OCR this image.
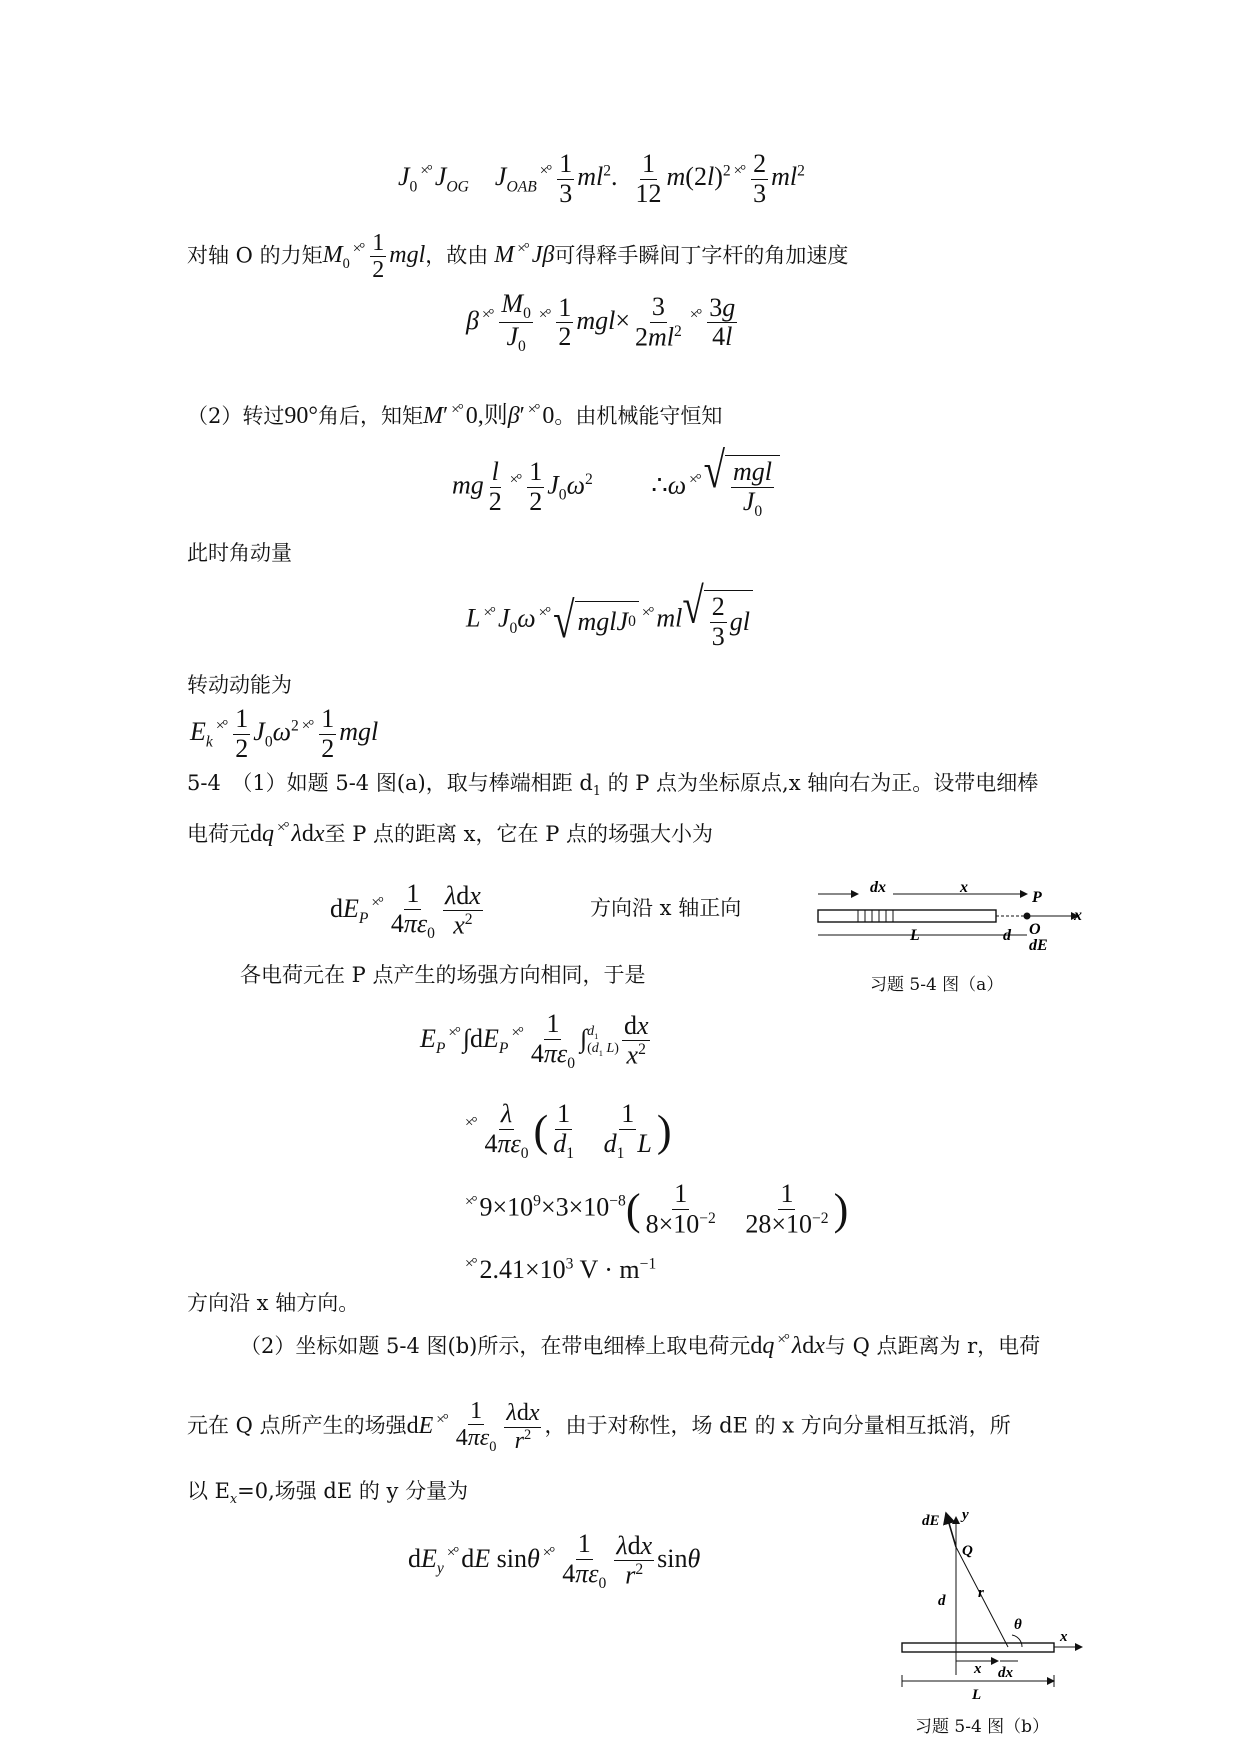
$J_0^{\times^\circ}$ $J_{OG}$ $J_{OAB}^{\times^\circ} \frac{1}{3} ml^2$. $\frac{1}{12} m(2l)^2$ $^{\times^\circ} \frac{2}{3} ml^2$
对轴 O 的力矩$M_0^{\times^\circ} \frac{1}{2}$ mgl，故由 M ×° Jβ可得释手瞬间丁字杆的角加速度
β $^{\times^\circ} \frac{M_0}{J_0} ^{\times^\circ} \frac{1}{2} mgl\times \frac{3}{2ml^2} ^{\times^\circ} \frac{3g}{4l}$
（2）转过90°角后，知矩M′ ×° 0,则β′ ×° 0。由机械能守恒知
mg $\frac{l}{2} ^{\times^\circ} \frac{1}{2} J_0\omega^2$         ∴ω ×° √ $\frac{\text{mgl}}{J_0}$
此时角动量
L ×° $J_0\omega$ ×° √ mglJ 0
×° ml √ $\frac{2}{3}$ gl
转动动能为
$E_k^{\times^\circ} \frac{1}{2} J_0\omega^2$ $^{\times^\circ} \frac{1}{2}$ mgl
5-4　（1）如题 5-4 图(a)，取与棒端相距 $d_1$ 的 P 点为坐标原点,x 轴向右为正。设带电细棒
电荷元dq ×° λdx至 P 点的距离 x，它在 P 点的场强大小为
$dE_P^{\times^\circ} \frac{1}{4\pi\varepsilon_0} \frac{\text{λdx}}{x^2}$	方向沿 x 轴正向
dx	x
P
L	d O
x
dE
习题 5-4 图（a）
各电荷元在 P 点产生的场强方向相同，于是
$E_P^{\times^\circ}$ $\int dE_P^{\times^\circ} \frac{1}{4\pi\varepsilon_0}$ ∫ $d_1$
($d_1$ $L) \frac{dx}{x^2}$
$^{\times^\circ} \frac{\lambda}{4\pi\varepsilon_0}$ ( $\frac{1}{d_1}$
$\frac{1}{d_1 L}$ )
×° $9\times 10^9\times 3\times 10^{-8}( \frac{1}{8\times 10^{-2}}$
$\frac{1}{28\times 10^{-2}}$ )
×° $2.41\times 10^3$ $V \cdot m^{-1}$
方向沿 x 轴方向。
（2）坐标如题 5-4 图(b)所示，在带电细棒上取电荷元dq ×° λdx与 Q 点距离为 r，电荷
元在 Q 点所产生的场强dE $^{\times^\circ} \frac{1}{4\pi\varepsilon_0} \frac{\text{λdx}}{r^2}$ ，由于对称性，场 dE 的 x 方向分量相互抵消，所
以 $E_x=0$,场强 dE 的 y 分量为
$dE_y^{\times^\circ}$ dE sinθ $^{\times^\circ} \frac{1}{4\pi\varepsilon_0} \frac{\text{λdx}}{r^2}$ sinθ
dE y
Q
d r
θ
x
x dx
L
习题 5-4 图（b）
